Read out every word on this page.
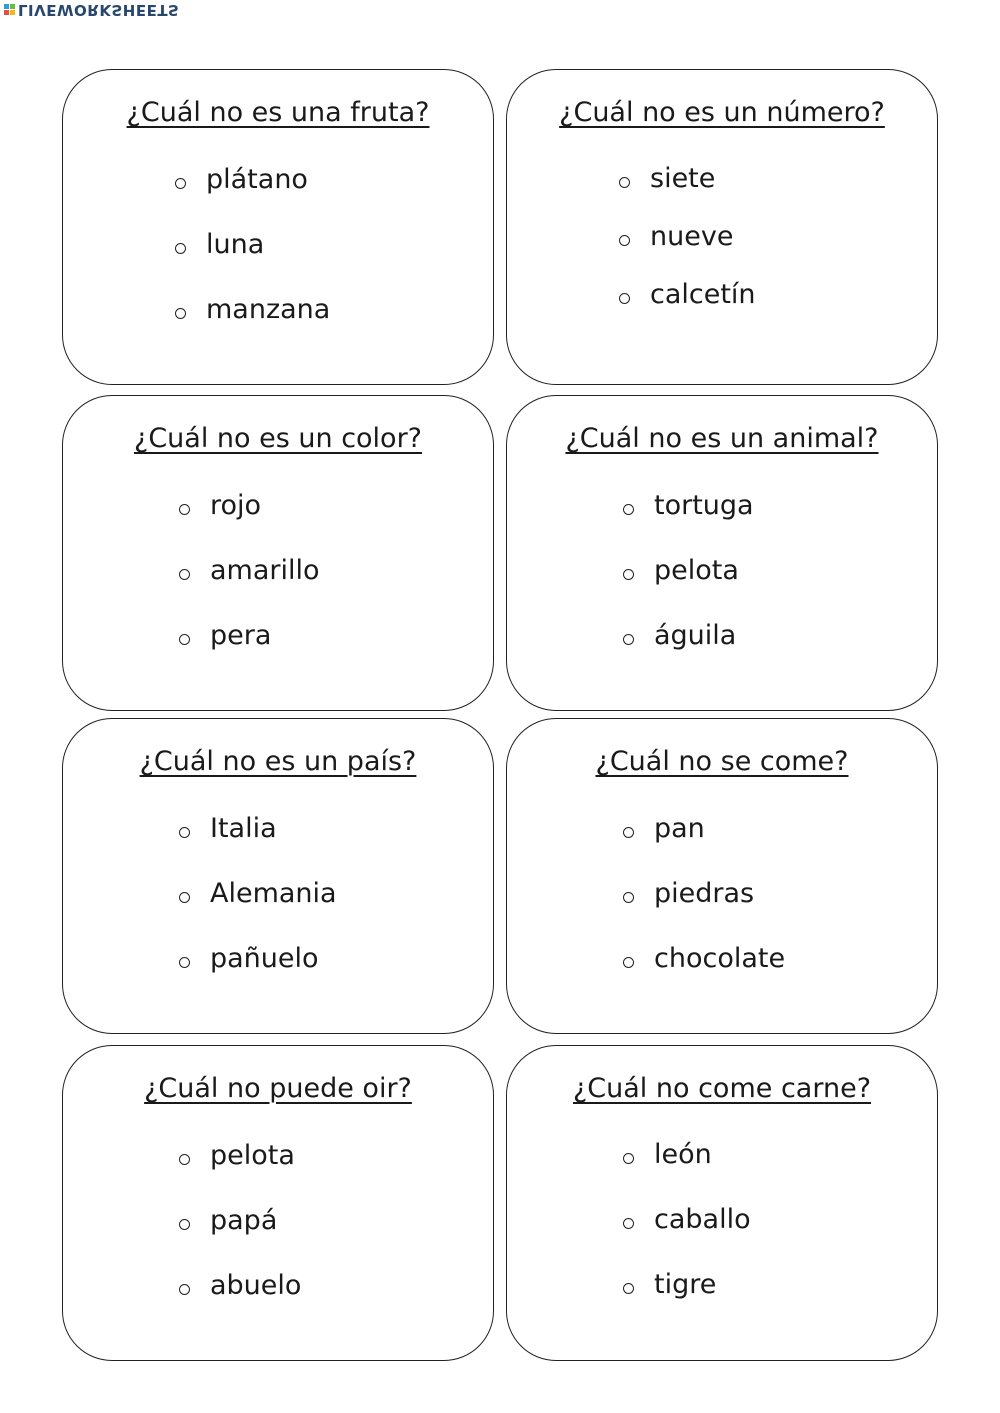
LIVEWORKSHEETS
¿Cuál no es una fruta?
plátano
luna
manzana
¿Cuál no es un número?
siete
nueve
calcetín
¿Cuál no es un color?
rojo
amarillo
pera
¿Cuál no es un animal?
tortuga
pelota
águila
¿Cuál no es un país?
Italia
Alemania
pañuelo
¿Cuál no se come?
pan
piedras
chocolate
¿Cuál no puede oir?
pelota
papá
abuelo
¿Cuál no come carne?
león
caballo
tigre
